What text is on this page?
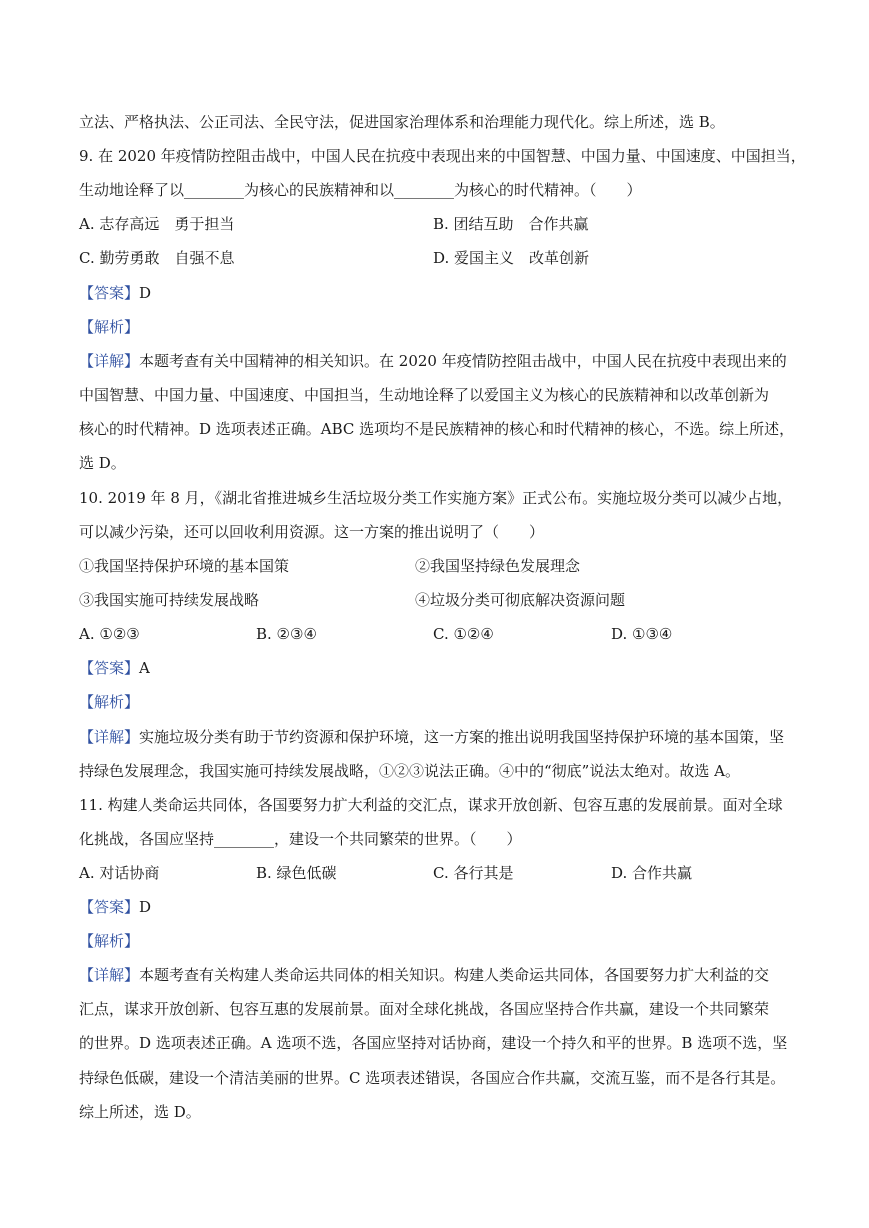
立法、严格执法、公正司法、全民守法，促进国家治理体系和治理能力现代化。综上所述，选 B。
9. 在 2020 年疫情防控阻击战中，中国人民在抗疫中表现出来的中国智慧、中国力量、中国速度、中国担当，
生动地诠释了以________为核心的民族精神和以________为核心的时代精神。（　　）
A. 志存高远　勇于担当	B. 团结互助　合作共赢
C. 勤劳勇敢　自强不息	D. 爱国主义　改革创新
【答案】D
【解析】
【详解】本题考查有关中国精神的相关知识。在 2020 年疫情防控阻击战中，中国人民在抗疫中表现出来的
中国智慧、中国力量、中国速度、中国担当，生动地诠释了以爱国主义为核心的民族精神和以改革创新为
核心的时代精神。D 选项表述正确。ABC 选项均不是民族精神的核心和时代精神的核心，不选。综上所述，
选 D。
10. 2019 年 8 月，《湖北省推进城乡生活垃圾分类工作实施方案》正式公布。实施垃圾分类可以减少占地，
可以减少污染，还可以回收利用资源。这一方案的推出说明了（　　）
①我国坚持保护环境的基本国策	②我国坚持绿色发展理念
③我国实施可持续发展战略	④垃圾分类可彻底解决资源问题
A. ①②③	B. ②③④	C. ①②④	D. ①③④
【答案】A
【解析】
【详解】实施垃圾分类有助于节约资源和保护环境，这一方案的推出说明我国坚持保护环境的基本国策，坚
持绿色发展理念，我国实施可持续发展战略，①②③说法正确。④中的“彻底”说法太绝对。故选 A。
11. 构建人类命运共同体，各国要努力扩大利益的交汇点，谋求开放创新、包容互惠的发展前景。面对全球
化挑战，各国应坚持________，建设一个共同繁荣的世界。（　　）
A. 对话协商	B. 绿色低碳	C. 各行其是	D. 合作共赢
【答案】D
【解析】
【详解】本题考查有关构建人类命运共同体的相关知识。构建人类命运共同体，各国要努力扩大利益的交
汇点，谋求开放创新、包容互惠的发展前景。面对全球化挑战，各国应坚持合作共赢，建设一个共同繁荣
的世界。D 选项表述正确。A 选项不选，各国应坚持对话协商，建设一个持久和平的世界。B 选项不选，坚
持绿色低碳，建设一个清洁美丽的世界。C 选项表述错误，各国应合作共赢，交流互鉴，而不是各行其是。
综上所述，选 D。
